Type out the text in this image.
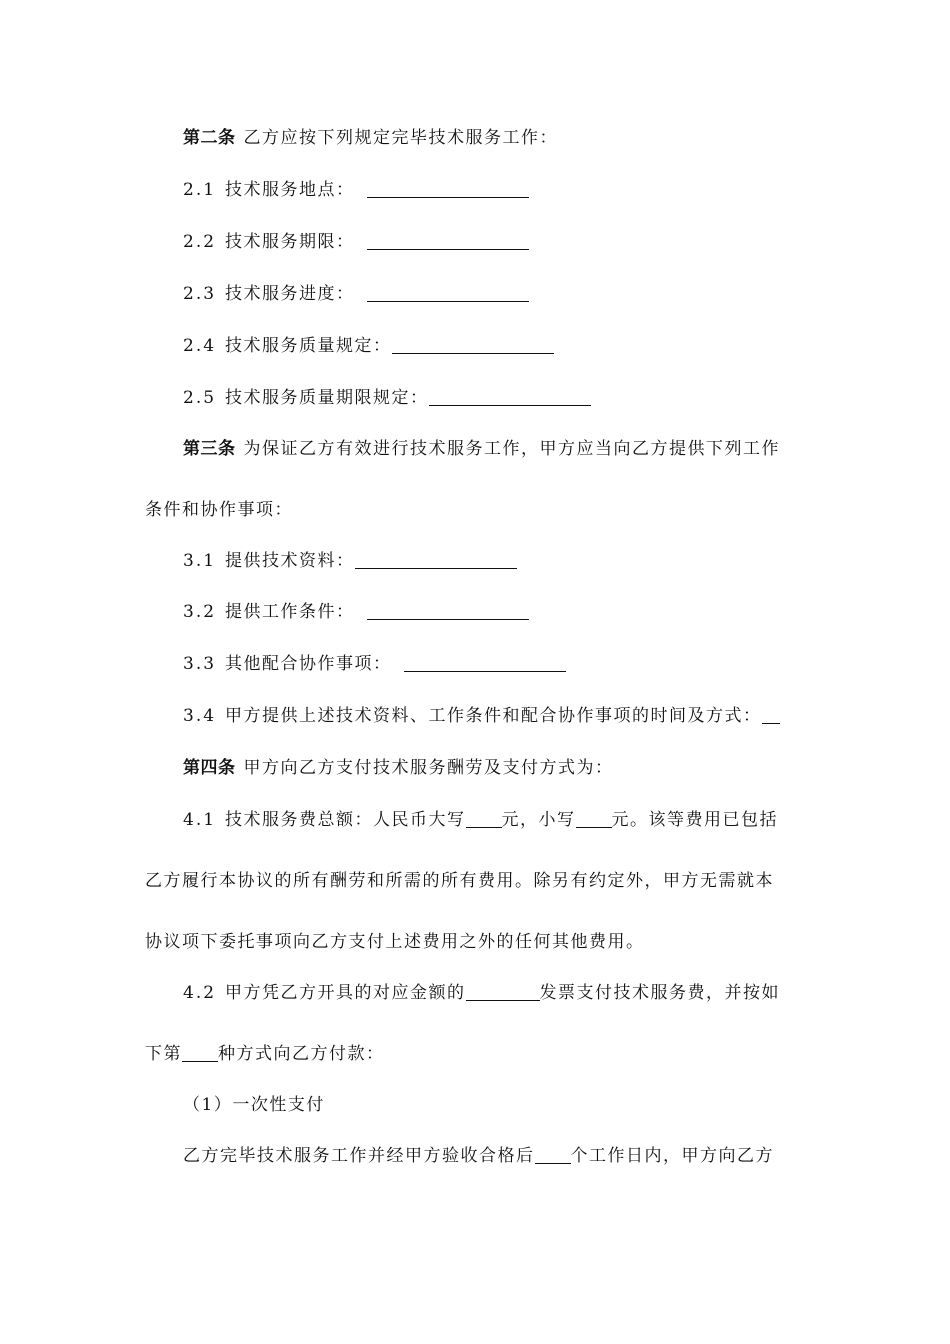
第二条 乙方应按下列规定完毕技术服务工作：
2.1 技术服务地点：
2.2 技术服务期限：
2.3 技术服务进度：
2.4 技术服务质量规定：
2.5 技术服务质量期限规定：
第三条 为保证乙方有效进行技术服务工作，甲方应当向乙方提供下列工作
条件和协作事项：
3.1 提供技术资料：
3.2 提供工作条件：
3.3 其他配合协作事项：
3.4 甲方提供上述技术资料、工作条件和配合协作事项的时间及方式：
第四条 甲方向乙方支付技术服务酬劳及支付方式为：
4.1 技术服务费总额：人民币大写 元，小写 元。该等费用已包括
乙方履行本协议的所有酬劳和所需的所有费用。除另有约定外，甲方无需就本
协议项下委托事项向乙方支付上述费用之外的任何其他费用。
4.2 甲方凭乙方开具的对应金额的	发票支付技术服务费，并按如
下第 种方式向乙方付款：
（1）一次性支付
乙方完毕技术服务工作并经甲方验收合格后 个工作日内，甲方向乙方
